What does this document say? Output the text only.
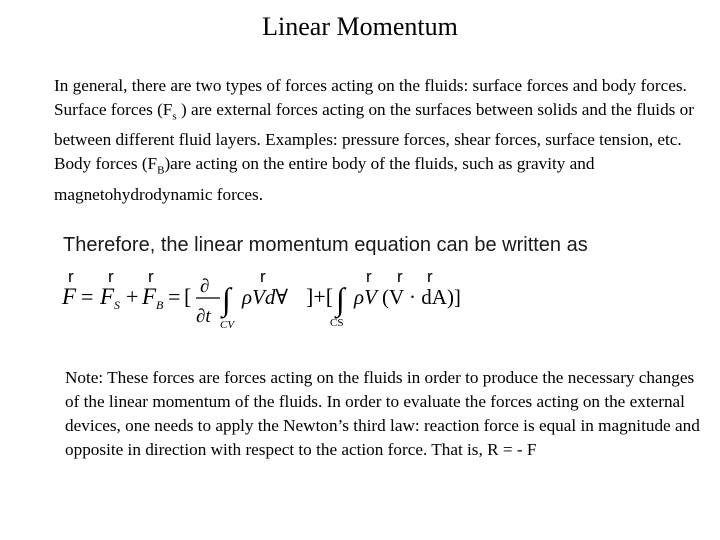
Linear Momentum
In general, there are two types of forces acting on the fluids: surface forces and body forces. Surface forces ($F_s$ ) are external forces acting on the surfaces between solids and the fluids or between different fluid layers. Examples: pressure forces, shear forces, surface tension, etc. Body forces $(F_B)are$ acting on the entire body of the fluids, such as gravity and magnetohydrodynamic forces.
Therefore, the linear momentum equation can be written as
r r r	r	r r r
F = F S + F B = [ ∂
∂t ∫ ρVd∀
CV
]+[ ∫ ρV (V · dA)]
CS
Note: These forces are forces acting on the fluids in order to produce the necessary changes of the linear momentum of the fluids. In order to evaluate the forces acting on the external devices, one needs to apply the Newton’s third law: reaction force is equal in magnitude and opposite in direction with respect to the action force. That is, R = - F
